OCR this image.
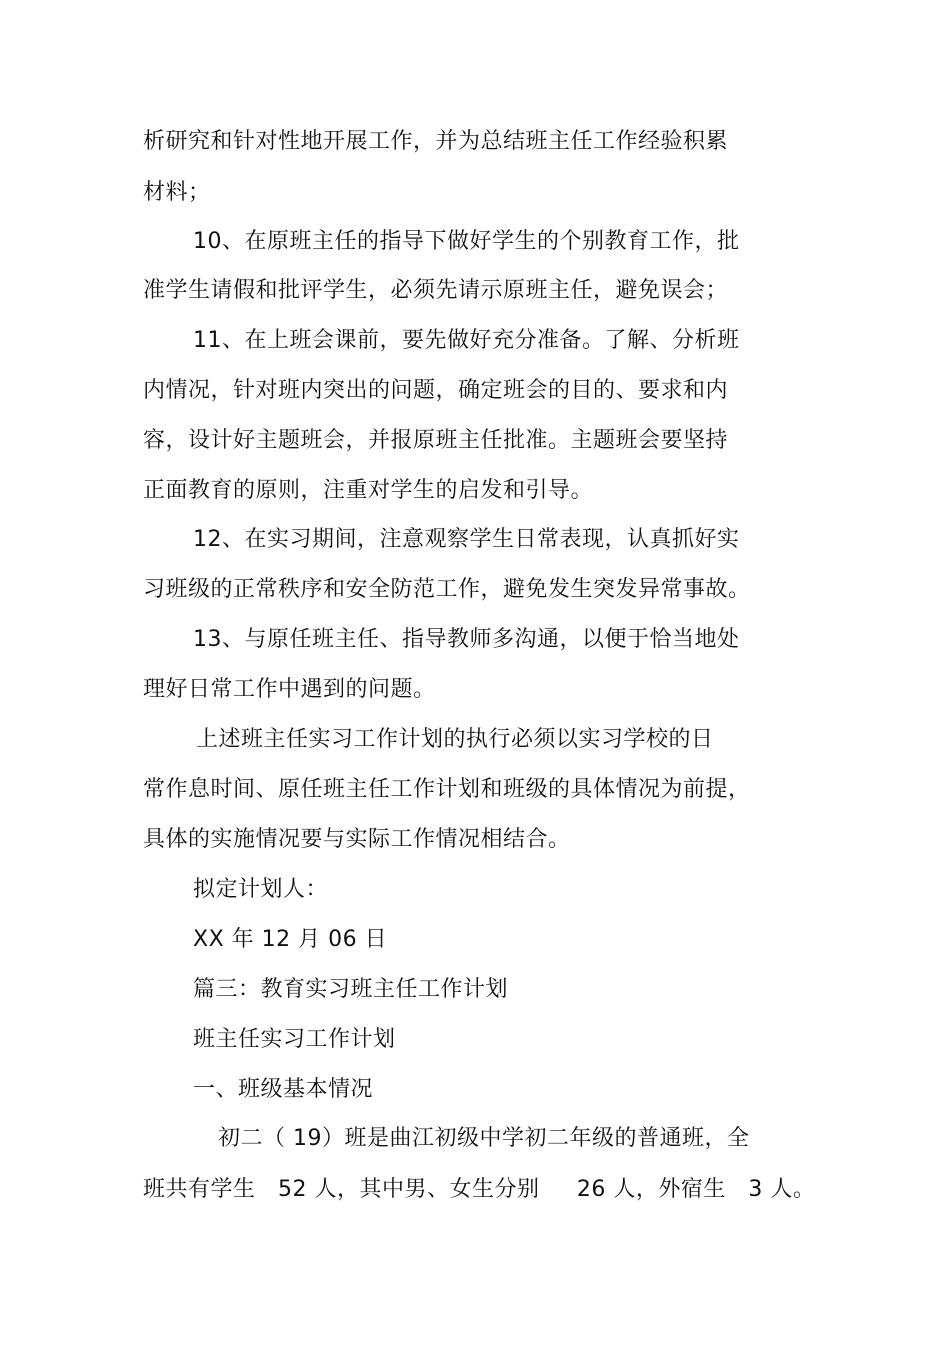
析研究和针对性地开展工作，并为总结班主任工作经验积累
材料；
10、在原班主任的指导下做好学生的个别教育工作，批
准学生请假和批评学生，必须先请示原班主任，避免误会；
11、在上班会课前，要先做好充分准备。了解、分析班
内情况，针对班内突出的问题，确定班会的目的、要求和内
容，设计好主题班会，并报原班主任批准。主题班会要坚持
正面教育的原则，注重对学生的启发和引导。
12、在实习期间，注意观察学生日常表现，认真抓好实
习班级的正常秩序和安全防范工作，避免发生突发异常事故。
13、与原任班主任、指导教师多沟通，以便于恰当地处
理好日常工作中遇到的问题。
上述班主任实习工作计划的执行必须以实习学校的日
常作息时间、原任班主任工作计划和班级的具体情况为前提，
具体的实施情况要与实际工作情况相结合。
拟定计划人：
XX 年 12 月 06 日
篇三：教育实习班主任工作计划
班主任实习工作计划
一、班级基本情况
初二（ 19）班是曲江初级中学初二年级的普通班，全
班共有学生   52 人，其中男、女生分别     26 人，外宿生   3 人。
